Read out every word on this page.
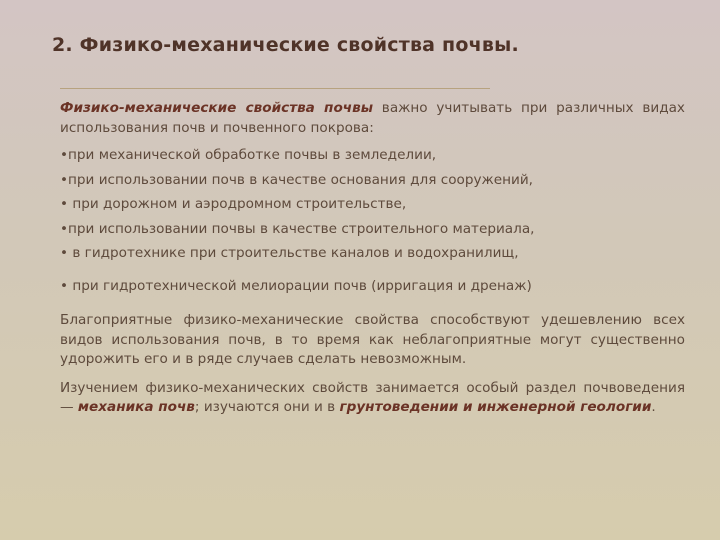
2. Физико-механические свойства почвы.

Физико-механические свойства почвы важно учитывать при различных видах использования почв и почвенного покрова:

•при механической обработке почвы в земледелии,
•при использовании почв в качестве основания для сооружений,
• при дорожном и аэродромном строительстве,
•при использовании почвы в качестве строительного материала,
• в гидротехнике при строительстве каналов и водохранилищ,
• при гидротехнической мелиорации почв (ирригация и дренаж)

Благоприятные физико-механические свойства способствуют удешевлению всех видов использования почв, в то время как неблагоприятные могут существенно удорожить его и в ряде случаев сделать невозможным.

Изучением физико-механических свойств занимается особый раздел почвоведения — механика почв; изучаются они и в грунтоведении и инженерной геологии.
